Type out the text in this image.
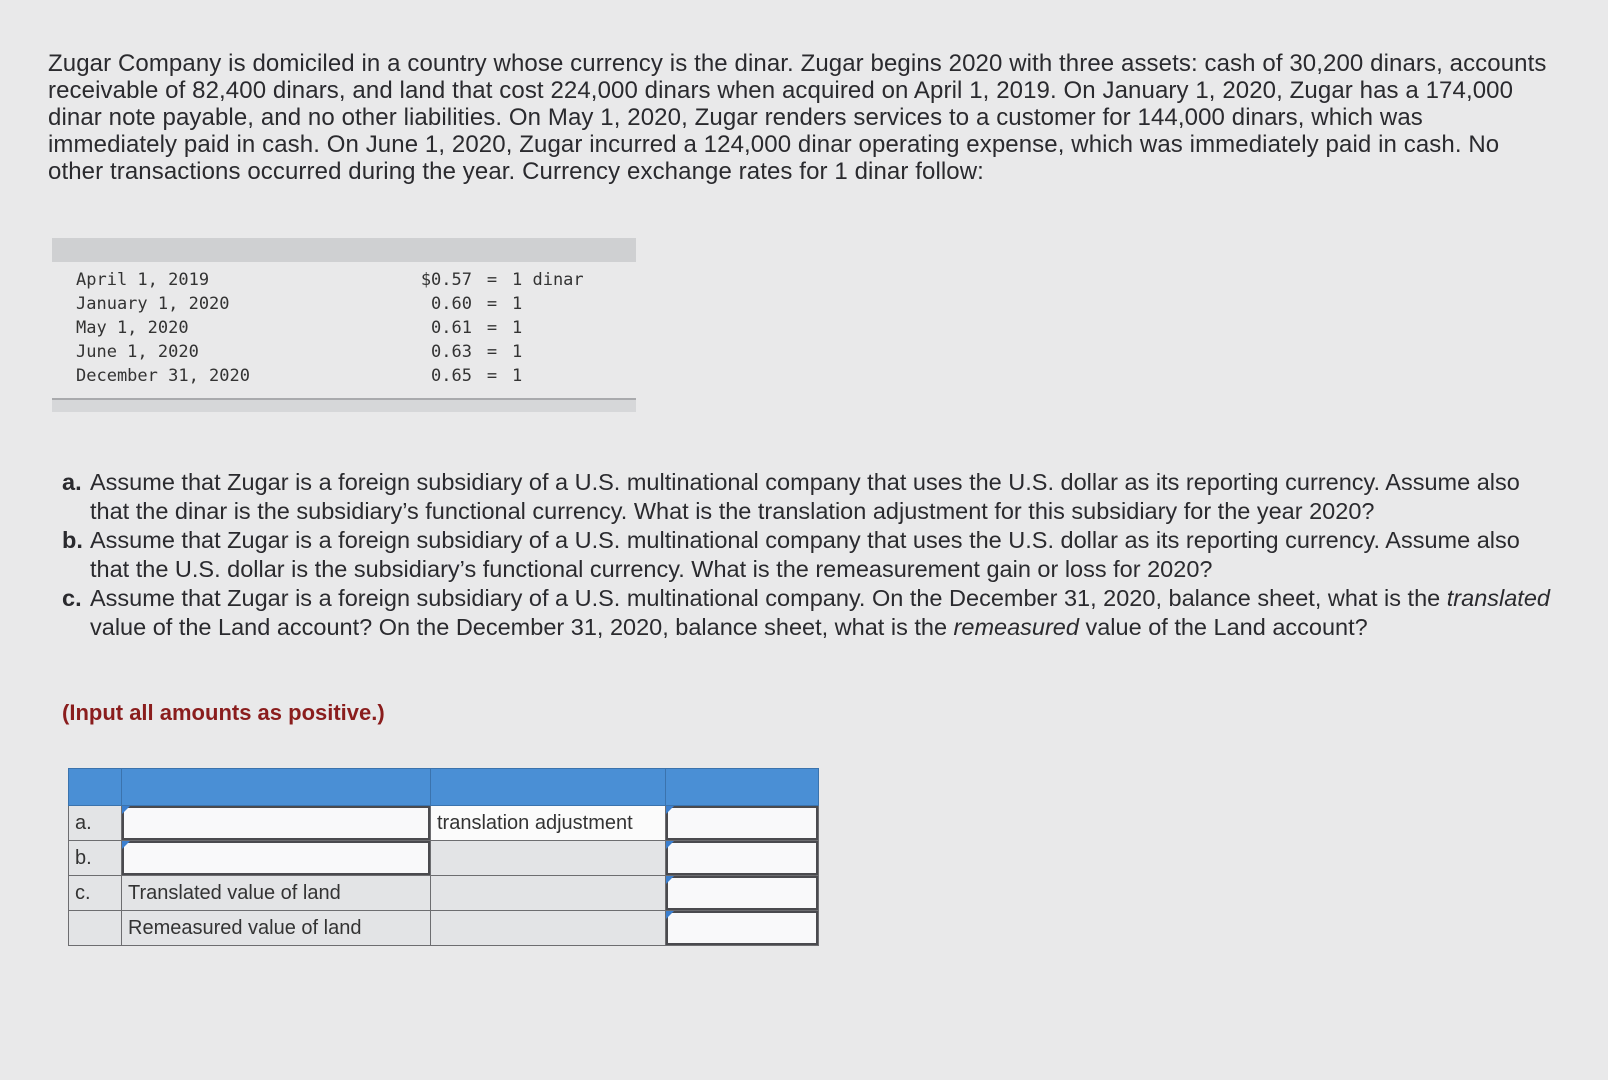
Zugar Company is domiciled in a country whose currency is the dinar. Zugar begins 2020 with three assets: cash of 30,200 dinars, accounts receivable of 82,400 dinars, and land that cost 224,000 dinars when acquired on April 1, 2019. On January 1, 2020, Zugar has a 174,000 dinar note payable, and no other liabilities. On May 1, 2020, Zugar renders services to a customer for 144,000 dinars, which was immediately paid in cash. On June 1, 2020, Zugar incurred a 124,000 dinar operating expense, which was immediately paid in cash. No other transactions occurred during the year. Currency exchange rates for 1 dinar follow:

April 1, 2019	$0.57	=	1 dinar
January 1, 2020	0.60	=	1
May 1, 2020	0.61	=	1
June 1, 2020	0.63	=	1
December 31, 2020	0.65	=	1
a. Assume that Zugar is a foreign subsidiary of a U.S. multinational company that uses the U.S. dollar as its reporting currency. Assume also that the dinar is the subsidiary’s functional currency. What is the translation adjustment for this subsidiary for the year 2020?
b. Assume that Zugar is a foreign subsidiary of a U.S. multinational company that uses the U.S. dollar as its reporting currency. Assume also that the U.S. dollar is the subsidiary’s functional currency. What is the remeasurement gain or loss for 2020?
c. Assume that Zugar is a foreign subsidiary of a U.S. multinational company. On the December 31, 2020, balance sheet, what is the translated value of the Land account? On the December 31, 2020, balance sheet, what is the remeasured value of the Land account?
(Input all amounts as positive.)

a.		translation adjustment	

b.	

c.	Translated value of land		

	Remeasured value of land		
